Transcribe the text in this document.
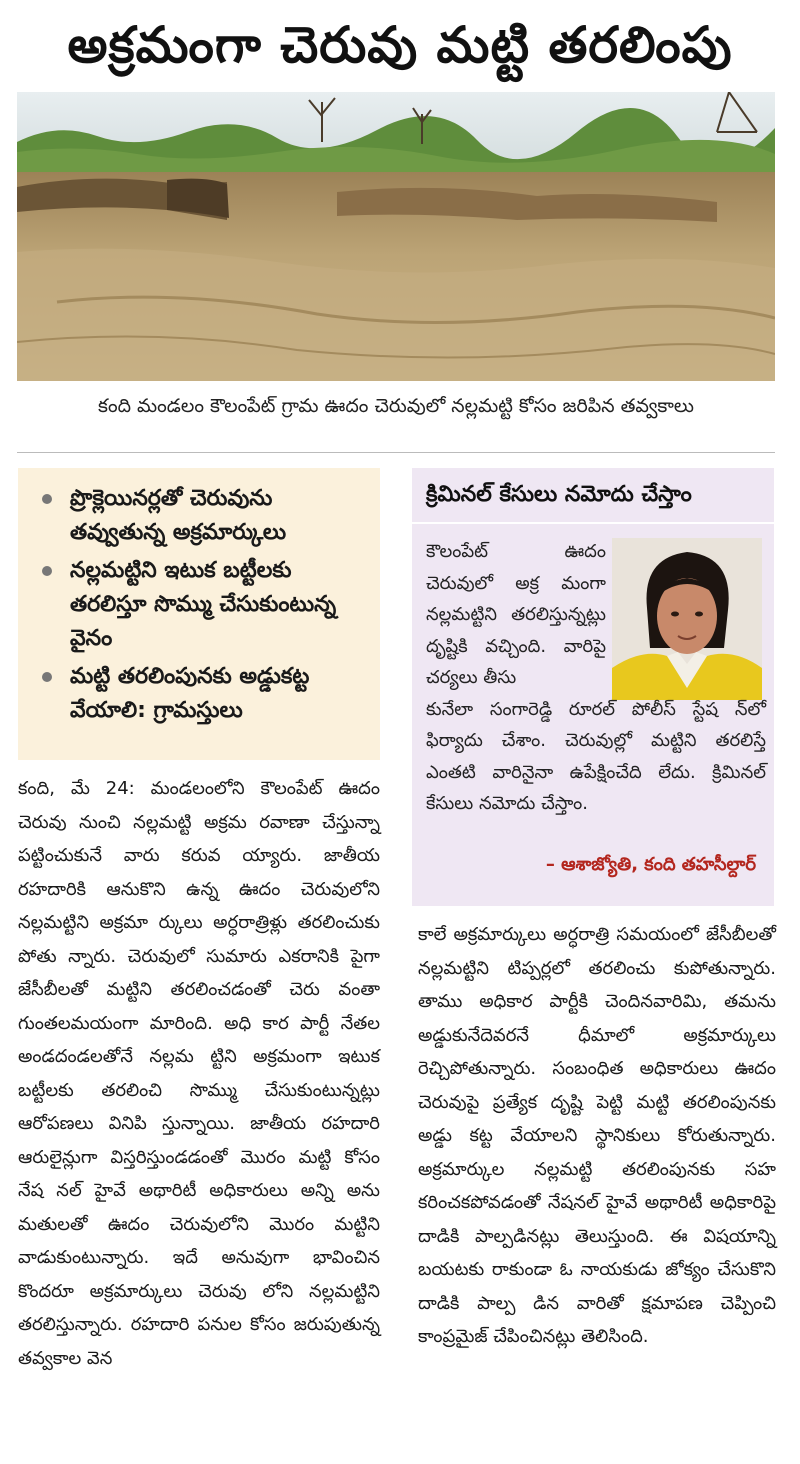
అక్రమంగా చెరువు మట్టి తరలింపు
కంది మండలం కౌలంపేట్ గ్రామ ఊదం చెరువులో నల్లమట్టి కోసం జరిపిన తవ్వకాలు
ప్రొక్లెయినర్లతో చెరువును తవ్వుతున్న అక్రమార్కులు
నల్లమట్టిని ఇటుక బట్టీలకు తరలిస్తూ సొమ్ము చేసుకుంటున్న వైనం
మట్టి తరలింపునకు అడ్డుకట్ట వేయాలి: గ్రామస్తులు
క్రిమినల్ కేసులు నమోదు చేస్తాం

కౌలంపేట్ ఊదం చెరువులో అక్ర మంగా నల్లమట్టిని తరలిస్తున్నట్లు దృష్టికి వచ్చింది. వారిపై చర్యలు తీసు

కునేలా సంగారెడ్డి రూరల్ పోలీస్ స్టేష న్‌లో ఫిర్యాదు చేశాం. చెరువుల్లో మట్టిని తరలిస్తే ఎంతటి వారినైనా ఉపేక్షించేది లేదు. క్రిమినల్ కేసులు నమోదు చేస్తాం.

– ఆశాజ్యోతి, కంది తహసీల్దార్

కంది, మే 24: మండలంలోని కౌలంపేట్ ఊదం చెరువు నుంచి నల్లమట్టి అక్రమ రవాణా చేస్తున్నా పట్టించుకునే వారు కరువ య్యారు. జాతీయ రహదారికి ఆనుకొని ఉన్న ఊదం చెరువులోని నల్లమట్టిని అక్రమా ర్కులు అర్ధరాత్రిళ్లు తరలించుకు పోతు న్నారు. చెరువులో సుమారు ఎకరానికి పైగా జేసీబీలతో మట్టిని తరలించడంతో చెరు వంతా గుంతలమయంగా మారింది. అధి కార పార్టీ నేతల అండదండలతోనే నల్లమ ట్టిని అక్రమంగా ఇటుక బట్టీలకు తరలించి సొమ్ము చేసుకుంటున్నట్లు ఆరోపణలు వినిపి స్తున్నాయి. జాతీయ రహదారి ఆరులైన్లుగా విస్తరిస్తుండడంతో మొరం మట్టి కోసం నేష నల్ హైవే అథారిటీ అధికారులు అన్ని అను మతులతో ఊదం చెరువులోని మొరం మట్టిని వాడుకుంటున్నారు. ఇదే అనువుగా భావించిన కొందరూ అక్రమార్కులు చెరువు లోని నల్లమట్టిని తరలిస్తున్నారు. రహదారి పనుల కోసం జరుపుతున్న తవ్వకాల వెన

కాలే అక్రమార్కులు అర్ధరాత్రి సమయంలో జేసీబీలతో నల్లమట్టిని టిప్పర్లలో తరలించు కుపోతున్నారు. తాము అధికార పార్టీకి చెందినవారిమి, తమను అడ్డుకునేదెవరనే ధీమాలో అక్రమార్కులు రెచ్చిపోతున్నారు. సంబంధిత అధికారులు ఊదం చెరువుపై ప్రత్యేక దృష్టి పెట్టి మట్టి తరలింపునకు అడ్డు కట్ట వేయాలని స్థానికులు కోరుతున్నారు. అక్రమార్కుల నల్లమట్టి తరలింపునకు సహ కరించకపోవడంతో నేషనల్ హైవే అథారిటీ అధికారిపై దాడికి పాల్పడినట్లు తెలుస్తుంది. ఈ విషయాన్ని బయటకు రాకుండా ఓ నాయకుడు జోక్యం చేసుకొని దాడికి పాల్ప డిన వారితో క్షమాపణ చెప్పించి కాంప్రమైజ్ చేపించినట్లు తెలిసింది.
